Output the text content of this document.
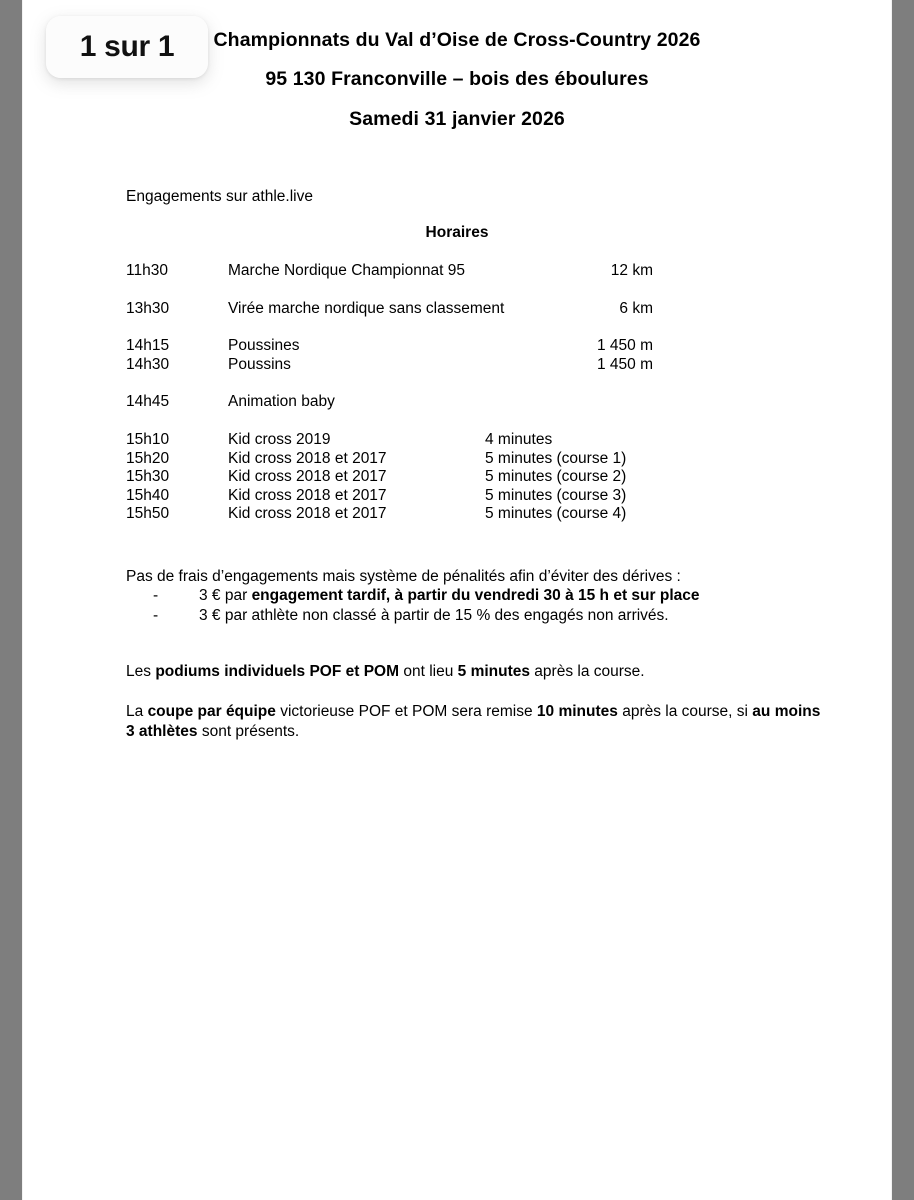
Championnats du Val d’Oise de Cross-Country 2026
95 130 Franconville – bois des éboulures
Samedi 31 janvier 2026
Engagements sur athle.live
Horaires
11h30	Marche Nordique Championnat 95	12 km
13h30	Virée marche nordique sans classement	6 km
14h15	Poussines	1 450 m
14h30	Poussins	1 450 m
14h45	Animation baby
15h10	Kid cross 2019	4 minutes
15h20	Kid cross 2018 et 2017	5 minutes (course 1)
15h30	Kid cross 2018 et 2017	5 minutes (course 2)
15h40	Kid cross 2018 et 2017	5 minutes (course 3)
15h50	Kid cross 2018 et 2017	5 minutes (course 4)
Pas de frais d’engagements mais système de pénalités afin d’éviter des dérives :
-	3 € par engagement tardif, à partir du vendredi 30 à 15 h et sur place
-	3 € par athlète non classé à partir de 15 % des engagés non arrivés.
Les podiums individuels POF et POM ont lieu 5 minutes après la course.
La coupe par équipe victorieuse POF et POM sera remise 10 minutes après la course, si au moins 3 athlètes sont présents.
1 sur 1
